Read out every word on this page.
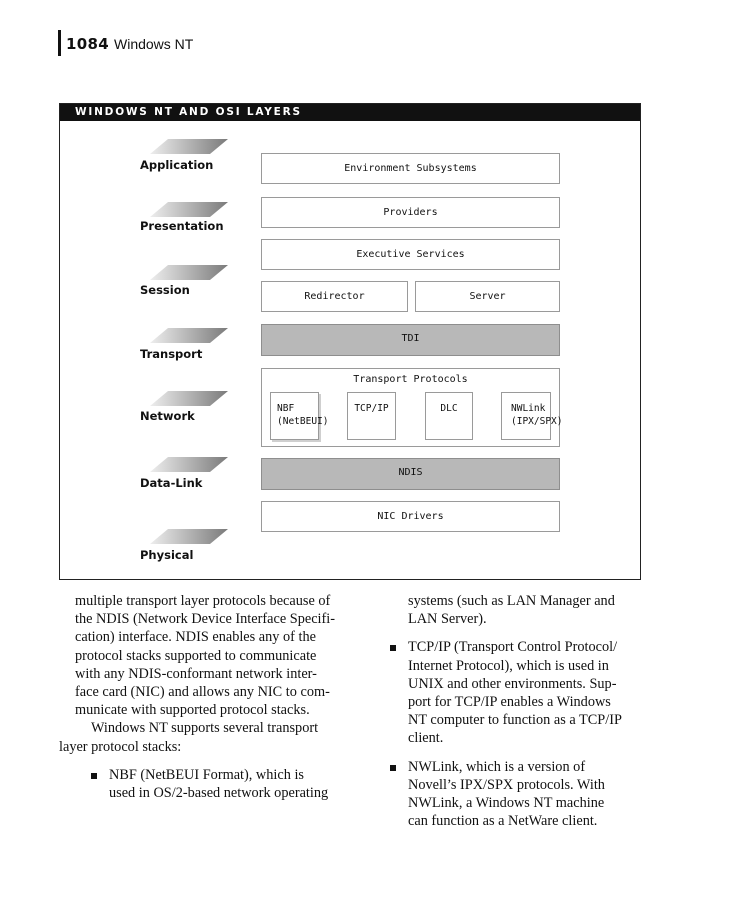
1084 Windows NT
WINDOWS NT AND OSI LAYERS
Application
Presentation
Session
Transport
Network
Data-Link
Physical
Environment Subsystems
Providers
Executive Services
Redirector	Server
TDI
Transport Protocols
NBF
(NetBEUI)
TCP/IP	DLC	NWLink
(IPX/SPX)
NDIS
NIC Drivers

multiple transport layer protocols because of
the NDIS (Network Device Interface Specifi-
cation) interface. NDIS enables any of the
protocol stacks supported to communicate
with any NDIS-conformant network inter-
face card (NIC) and allows any NIC to com-
municate with supported protocol stacks.

Windows NT supports several transport
layer protocol stacks:

NBF (NetBEUI Format), which is
used in OS/2-based network operating

systems (such as LAN Manager and
LAN Server).

TCP/IP (Transport Control Protocol/
Internet Protocol), which is used in
UNIX and other environments. Sup-
port for TCP/IP enables a Windows
NT computer to function as a TCP/IP
client.

NWLink, which is a version of
Novell’s IPX/SPX protocols. With
NWLink, a Windows NT machine
can function as a NetWare client.
